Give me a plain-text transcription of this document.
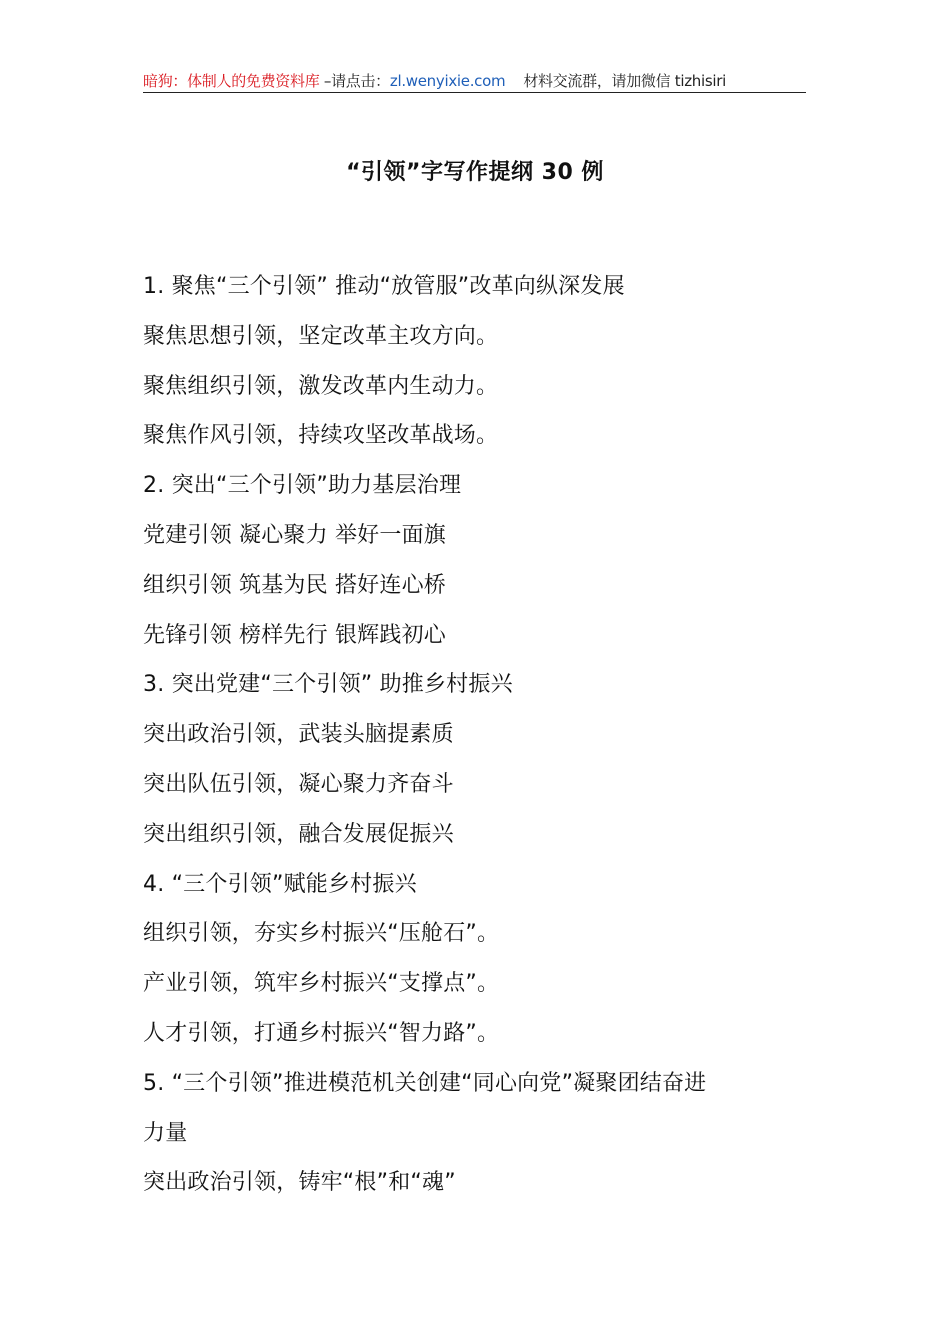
暗狗：体制人的免费资料库 –请点击：zl.wenyixie.com 材料交流群，请加微信 tizhisiri
“引领”字写作提纲 30 例
1. 聚焦“三个引领” 推动“放管服”改革向纵深发展
聚焦思想引领，坚定改革主攻方向。
聚焦组织引领，激发改革内生动力。
聚焦作风引领，持续攻坚改革战场。
2. 突出“三个引领”助力基层治理
党建引领 凝心聚力 举好一面旗
组织引领 筑基为民 搭好连心桥
先锋引领 榜样先行 银辉践初心
3. 突出党建“三个引领” 助推乡村振兴
突出政治引领，武装头脑提素质
突出队伍引领，凝心聚力齐奋斗
突出组织引领，融合发展促振兴
4. “三个引领”赋能乡村振兴
组织引领，夯实乡村振兴“压舱石”。
产业引领，筑牢乡村振兴“支撑点”。
人才引领，打通乡村振兴“智力路”。
5. “三个引领”推进模范机关创建“同心向党”凝聚团结奋进
力量
突出政治引领，铸牢“根”和“魂”
